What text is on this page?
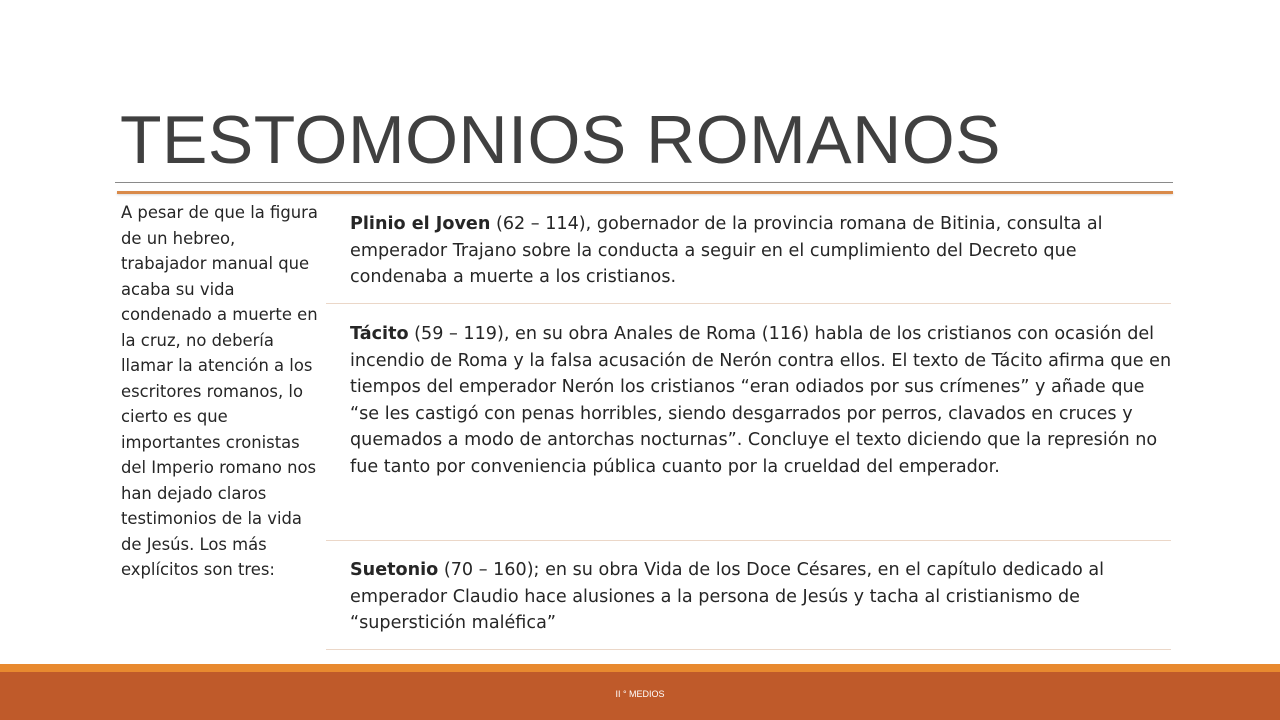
TESTOMONIOS ROMANOS
A pesar de que la figura de un hebreo, trabajador manual que acaba su vida condenado a muerte en la cruz, no debería llamar la atención a los escritores romanos, lo cierto es que importantes cronistas del Imperio romano nos han dejado claros testimonios de la vida de Jesús. Los más explícitos son tres:
Plinio el Joven (62 – 114), gobernador de la provincia romana de Bitinia, consulta al emperador Trajano sobre la conducta a seguir en el cumplimiento del Decreto que condenaba a muerte a los cristianos.
Tácito (59 – 119), en su obra Anales de Roma (116) habla de los cristianos con ocasión del incendio de Roma y la falsa acusación de Nerón contra ellos. El texto de Tácito afirma que en tiempos del emperador Nerón los cristianos “eran odiados por sus crímenes” y añade que “se les castigó con penas horribles, siendo desgarrados por perros, clavados en cruces y quemados a modo de antorchas nocturnas”. Concluye el texto diciendo que la represión no fue tanto por conveniencia pública cuanto por la crueldad del emperador.
Suetonio (70 – 160); en su obra Vida de los Doce Césares, en el capítulo dedicado al emperador Claudio hace alusiones a la persona de Jesús y tacha al cristianismo de “superstición maléfica”
II ° MEDIOS
